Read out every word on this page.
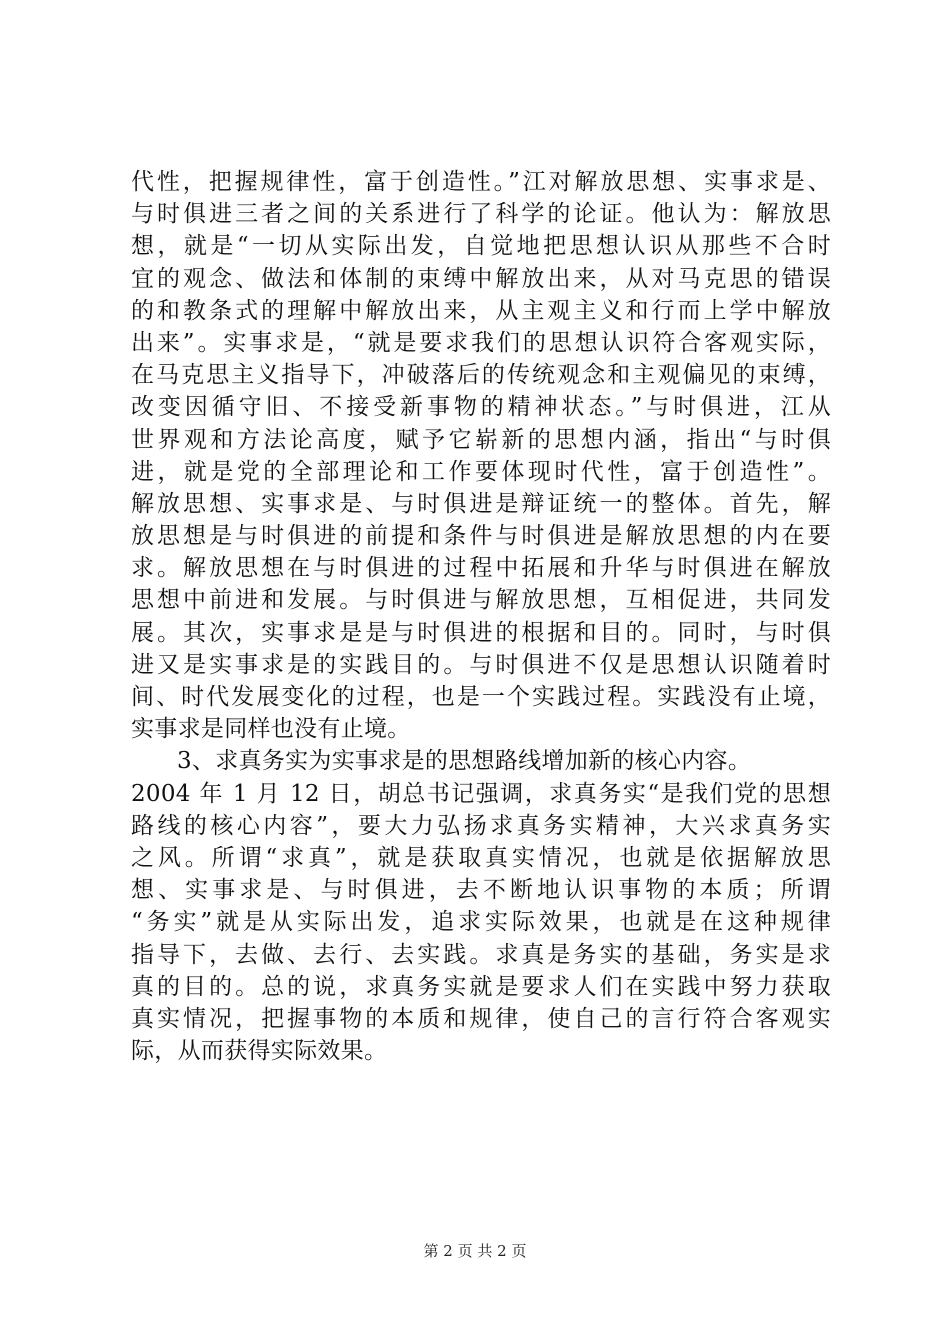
代性，把握规律性，富于创造性。”江对解放思想、实事求是、
与时俱进三者之间的关系进行了科学的论证。他认为：解放思
想，就是“一切从实际出发，自觉地把思想认识从那些不合时
宜的观念、做法和体制的束缚中解放出来，从对马克思的错误
的和教条式的理解中解放出来，从主观主义和行而上学中解放
出来”。实事求是，“就是要求我们的思想认识符合客观实际，
在马克思主义指导下，冲破落后的传统观念和主观偏见的束缚，
改变因循守旧、不接受新事物的精神状态。”与时俱进，江从
世界观和方法论高度，赋予它崭新的思想内涵，指出“与时俱
进，就是党的全部理论和工作要体现时代性，富于创造性”。
解放思想、实事求是、与时俱进是辩证统一的整体。首先，解
放思想是与时俱进的前提和条件与时俱进是解放思想的内在要
求。解放思想在与时俱进的过程中拓展和升华与时俱进在解放
思想中前进和发展。与时俱进与解放思想，互相促进，共同发
展。其次，实事求是是与时俱进的根据和目的。同时，与时俱
进又是实事求是的实践目的。与时俱进不仅是思想认识随着时
间、时代发展变化的过程，也是一个实践过程。实践没有止境，
实事求是同样也没有止境。
3、求真务实为实事求是的思想路线增加新的核心内容。
2004 年 1 月 12 日，胡总书记强调，求真务实“是我们党的思想
路线的核心内容”，要大力弘扬求真务实精神，大兴求真务实
之风。所谓“求真”，就是获取真实情况，也就是依据解放思
想、实事求是、与时俱进，去不断地认识事物的本质；所谓
“务实”就是从实际出发，追求实际效果，也就是在这种规律
指导下，去做、去行、去实践。求真是务实的基础，务实是求
真的目的。总的说，求真务实就是要求人们在实践中努力获取
真实情况，把握事物的本质和规律，使自己的言行符合客观实
际，从而获得实际效果。
第 2 页 共 2 页
